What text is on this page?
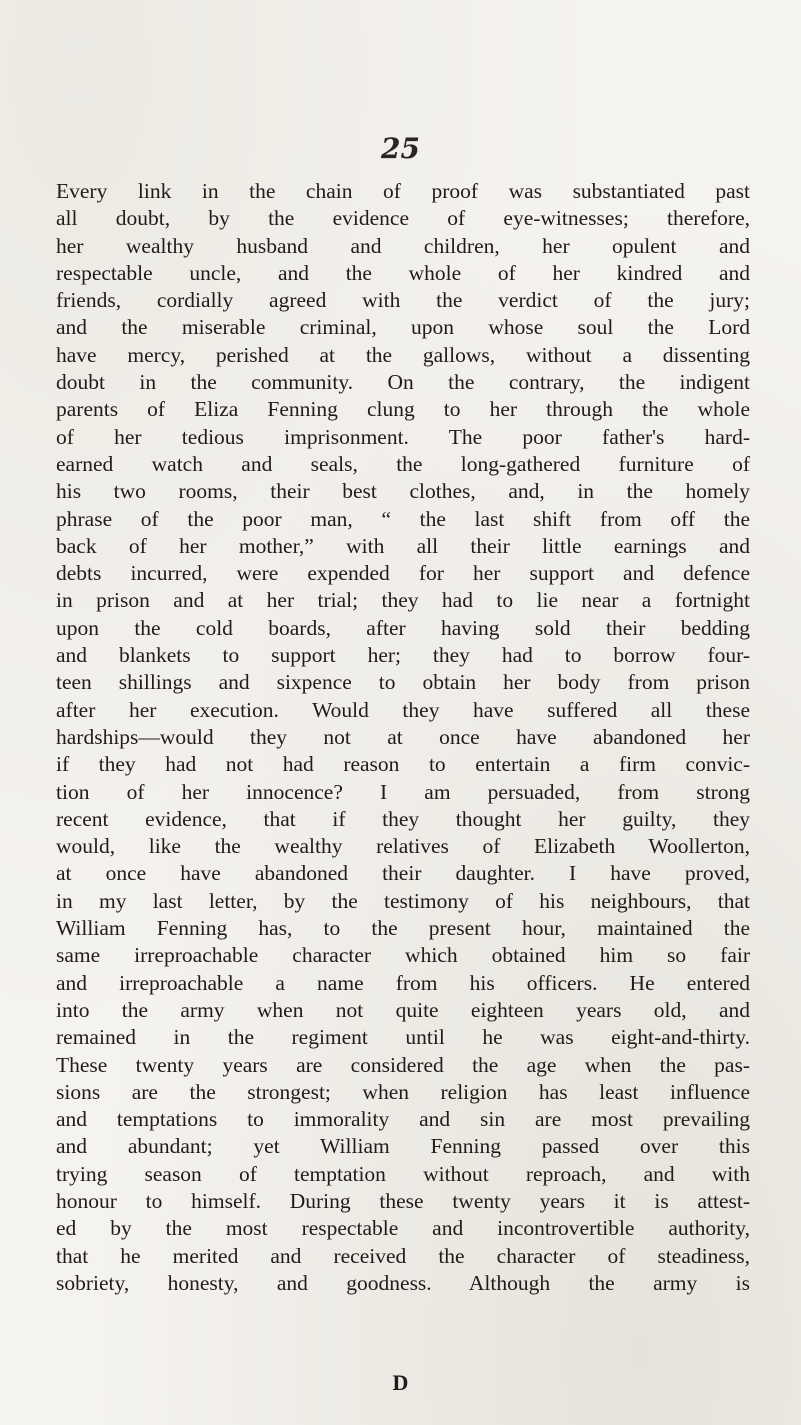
25

Every link in the chain of proof was substantiated past
all doubt, by the evidence of eye-witnesses; therefore,
her wealthy husband and children, her opulent and
respectable uncle, and the whole of her kindred and
friends, cordially agreed with the verdict of the jury;
and the miserable criminal, upon whose soul the Lord
have mercy, perished at the gallows, without a dissenting
doubt in the community. On the contrary, the indigent
parents of Eliza Fenning clung to her through the whole
of her tedious imprisonment. The poor father's hard-
earned watch and seals, the long-gathered furniture of
his two rooms, their best clothes, and, in the homely
phrase of the poor man, “ the last shift from off the
back of her mother,” with all their little earnings and
debts incurred, were expended for her support and defence
in prison and at her trial; they had to lie near a fortnight
upon the cold boards, after having sold their bedding
and blankets to support her; they had to borrow four-
teen shillings and sixpence to obtain her body from prison
after her execution. Would they have suffered all these
hardships—would they not at once have abandoned her
if they had not had reason to entertain a firm convic-
tion of her innocence? I am persuaded, from strong
recent evidence, that if they thought her guilty, they
would, like the wealthy relatives of Elizabeth Woollerton,
at once have abandoned their daughter. I have proved,
in my last letter, by the testimony of his neighbours, that
William Fenning has, to the present hour, maintained the
same irreproachable character which obtained him so fair
and irreproachable a name from his officers. He entered
into the army when not quite eighteen years old, and
remained in the regiment until he was eight-and-thirty.
These twenty years are considered the age when the pas-
sions are the strongest; when religion has least influence
and temptations to immorality and sin are most prevailing
and abundant; yet William Fenning passed over this
trying season of temptation without reproach, and with
honour to himself. During these twenty years it is attest-
ed by the most respectable and incontrovertible authority,
that he merited and received the character of steadiness,
sobriety, honesty, and goodness. Although the army is

D
